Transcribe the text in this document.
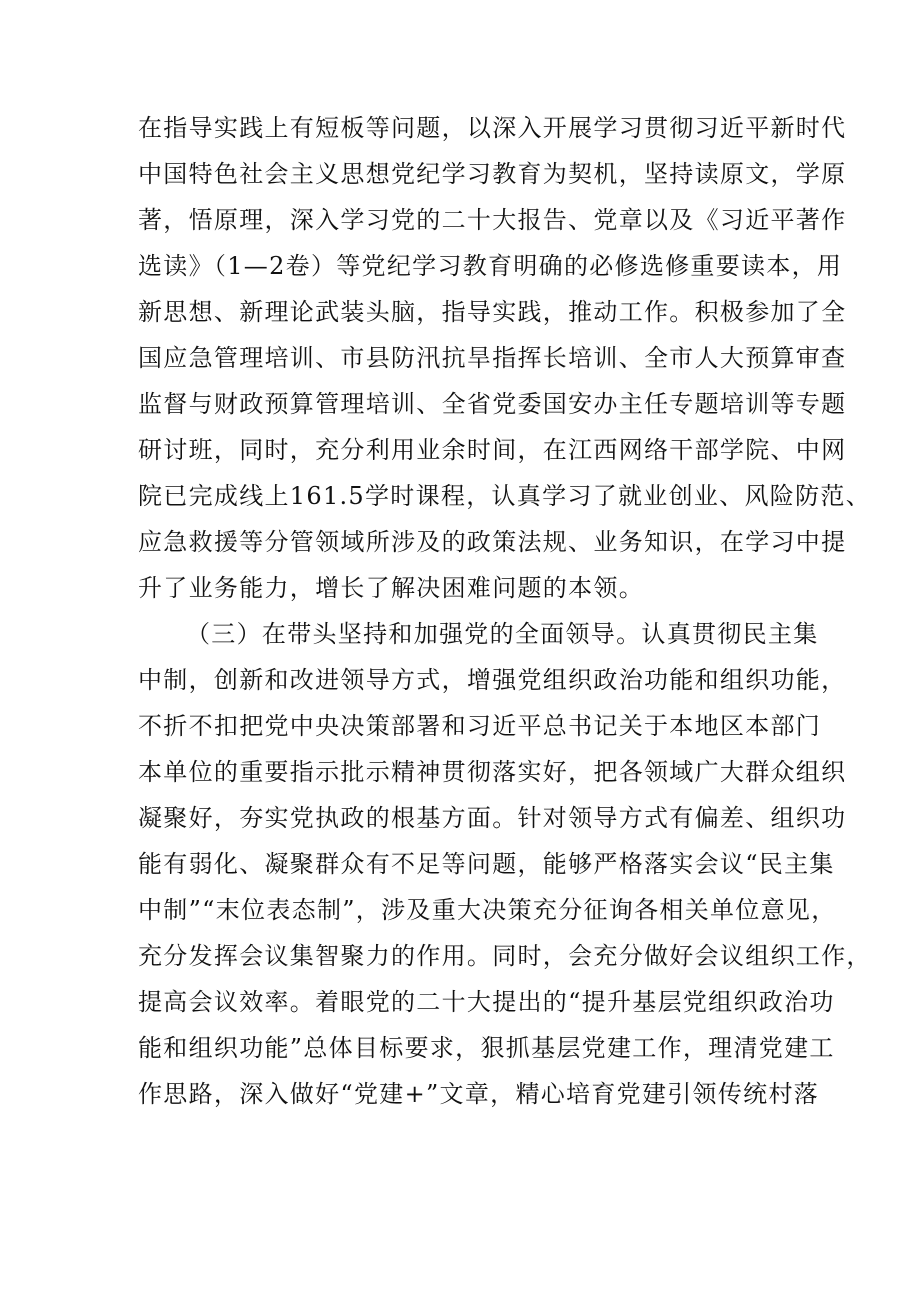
在指导实践上有短板等问题，以深入开展学习贯彻习近平新时代
中国特色社会主义思想党纪学习教育为契机，坚持读原文，学原
著，悟原理，深入学习党的二十大报告、党章以及《习近平著作
选读》（1—2卷）等党纪学习教育明确的必修选修重要读本，用
新思想、新理论武装头脑，指导实践，推动工作。积极参加了全
国应急管理培训、市县防汛抗旱指挥长培训、全市人大预算审查
监督与财政预算管理培训、全省党委国安办主任专题培训等专题
研讨班，同时，充分利用业余时间，在江西网络干部学院、中网
院已完成线上161.5学时课程，认真学习了就业创业、风险防范、
应急救援等分管领域所涉及的政策法规、业务知识，在学习中提
升了业务能力，增长了解决困难问题的本领。
（三）在带头坚持和加强党的全面领导。认真贯彻民主集
中制，创新和改进领导方式，增强党组织政治功能和组织功能，
不折不扣把党中央决策部署和习近平总书记关于本地区本部门
本单位的重要指示批示精神贯彻落实好，把各领域广大群众组织
凝聚好，夯实党执政的根基方面。针对领导方式有偏差、组织功
能有弱化、凝聚群众有不足等问题，能够严格落实会议“民主集
中制”“末位表态制”，涉及重大决策充分征询各相关单位意见，
充分发挥会议集智聚力的作用。同时，会充分做好会议组织工作，
提高会议效率。着眼党的二十大提出的“提升基层党组织政治功
能和组织功能”总体目标要求，狠抓基层党建工作，理清党建工
作思路，深入做好“党建+”文章，精心培育党建引领传统村落
